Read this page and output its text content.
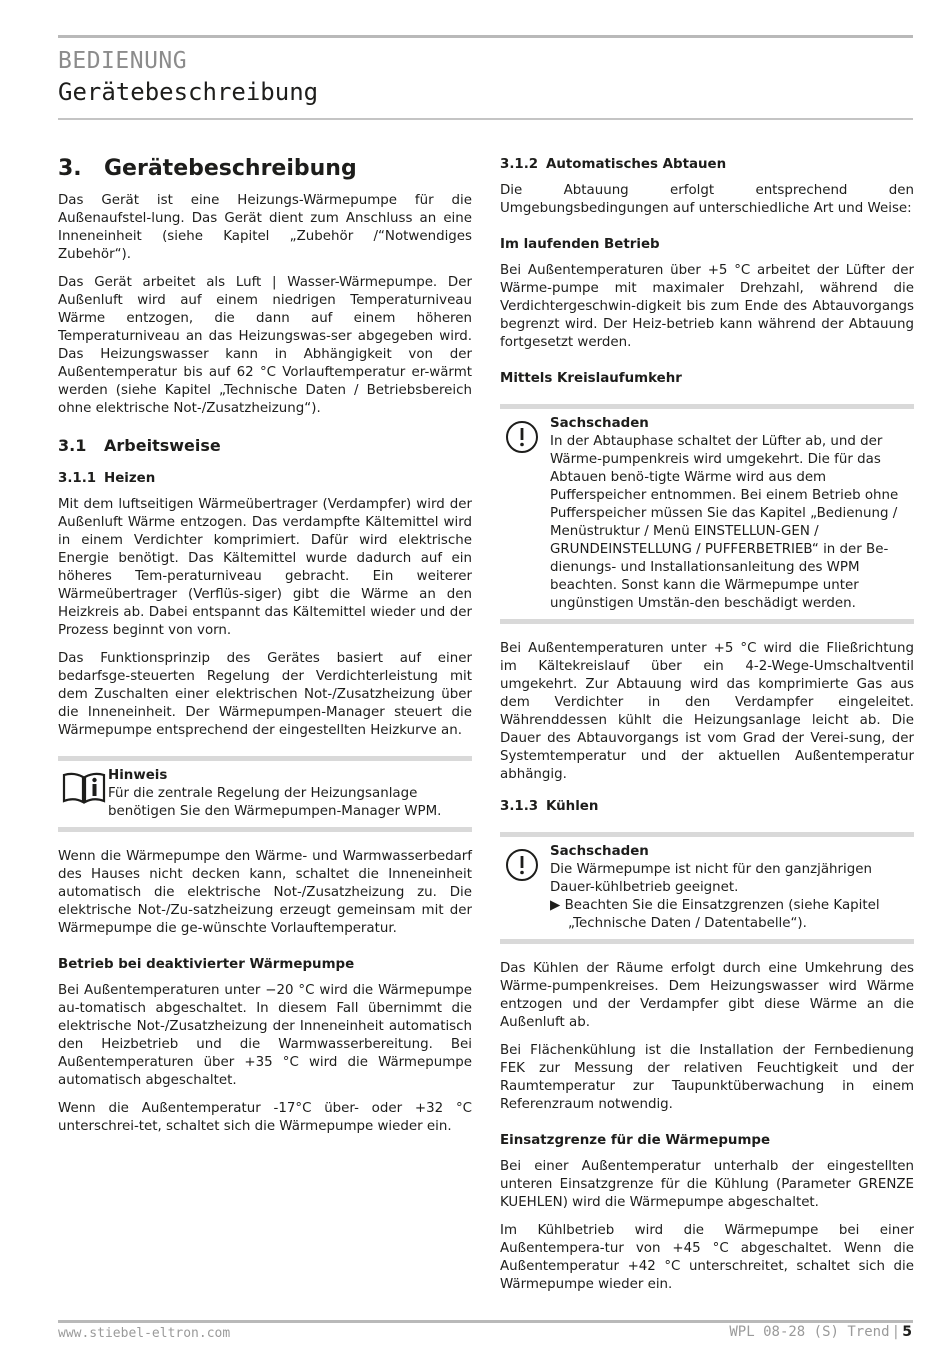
BEDIENUNG
Gerätebeschreibung
3. Gerätebeschreibung

Das Gerät ist eine Heizungs-Wärmepumpe für die Außenaufstel-lung. Das Gerät dient zum Anschluss an eine Inneneinheit (siehe Kapitel „Zubehör /“Notwendiges Zubehör“).

Das Gerät arbeitet als Luft | Wasser-Wärmepumpe. Der Außenluft wird auf einem niedrigen Temperaturniveau Wärme entzogen, die dann auf einem höheren Temperaturniveau an das Heizungswas-ser abgegeben wird. Das Heizungswasser kann in Abhängigkeit von der Außentemperatur bis auf 62 °C Vorlauftemperatur er-wärmt werden (siehe Kapitel „Technische Daten / Betriebsbereich ohne elektrische Not-/Zusatzheizung“).

3.1 Arbeitsweise
3.1.1 Heizen

Mit dem luftseitigen Wärmeübertrager (Verdampfer) wird der Außenluft Wärme entzogen. Das verdampfte Kältemittel wird in einem Verdichter komprimiert. Dafür wird elektrische Energie benötigt. Das Kältemittel wurde dadurch auf ein höheres Tem-peraturniveau gebracht. Ein weiterer Wärmeübertrager (Verflüs-siger) gibt die Wärme an den Heizkreis ab. Dabei entspannt das Kältemittel wieder und der Prozess beginnt von vorn.

Das Funktionsprinzip des Gerätes basiert auf einer bedarfsge-steuerten Regelung der Verdichterleistung mit dem Zuschalten einer elektrischen Not-/Zusatzheizung über die Inneneinheit. Der Wärmepumpen-Manager steuert die Wärmepumpe entsprechend der eingestellten Heizkurve an.

Hinweis
Für die zentrale Regelung der Heizungsanlage benötigen Sie den Wärmepumpen-Manager WPM.

Wenn die Wärmepumpe den Wärme- und Warmwasserbedarf des Hauses nicht decken kann, schaltet die Inneneinheit automatisch die elektrische Not-/Zusatzheizung zu. Die elektrische Not-/Zu-satzheizung erzeugt gemeinsam mit der Wärmepumpe die ge-wünschte Vorlauftemperatur.

Betrieb bei deaktivierter Wärmepumpe

Bei Außentemperaturen unter −20 °C wird die Wärmepumpe au-tomatisch abgeschaltet. In diesem Fall übernimmt die elektrische Not-/Zusatzheizung der Inneneinheit automatisch den Heizbetrieb und die Warmwasserbereitung. Bei Außentemperaturen über +35 °C wird die Wärmepumpe automatisch abgeschaltet.

Wenn die Außentemperatur -17°C über- oder +32 °C unterschrei-tet, schaltet sich die Wärmepumpe wieder ein.

3.1.2 Automatisches Abtauen

Die Abtauung erfolgt entsprechend den Umgebungsbedingungen auf unterschiedliche Art und Weise:

Im laufenden Betrieb

Bei Außentemperaturen über +5 °C arbeitet der Lüfter der Wärme-pumpe mit maximaler Drehzahl, während die Verdichtergeschwin-digkeit bis zum Ende des Abtauvorgangs begrenzt wird. Der Heiz-betrieb kann während der Abtauung fortgesetzt werden.

Mittels Kreislaufumkehr
Sachschaden
In der Abtauphase schaltet der Lüfter ab, und der Wärme-pumpenkreis wird umgekehrt. Die für das Abtauen benö-tigte Wärme wird aus dem Pufferspeicher entnommen. Bei einem Betrieb ohne Pufferspeicher müssen Sie das Kapitel „Bedienung / Menüstruktur / Menü EINSTELLUN-GEN / GRUNDEINSTELLUNG / PUFFERBETRIEB“ in der Be-dienungs- und Installationsanleitung des WPM beachten. Sonst kann die Wärmepumpe unter ungünstigen Umstän-den beschädigt werden.

Bei Außentemperaturen unter +5 °C wird die Fließrichtung im Kältekreislauf über ein 4-2-Wege-Umschaltventil umgekehrt. Zur Abtauung wird das komprimierte Gas aus dem Verdichter in den Verdampfer eingeleitet. Währenddessen kühlt die Heizungsanlage leicht ab. Die Dauer des Abtauvorgangs ist vom Grad der Verei-sung, der Systemtemperatur und der aktuellen Außentemperatur abhängig.

3.1.3 Kühlen
Sachschaden
Die Wärmepumpe ist nicht für den ganzjährigen Dauer-kühlbetrieb geeignet.
▶ Beachten Sie die Einsatzgrenzen (siehe Kapitel „Technische Daten / Datentabelle“).

Das Kühlen der Räume erfolgt durch eine Umkehrung des Wärme-pumpenkreises. Dem Heizungswasser wird Wärme entzogen und der Verdampfer gibt diese Wärme an die Außenluft ab.

Bei Flächenkühlung ist die Installation der Fernbedienung FEK zur Messung der relativen Feuchtigkeit und der Raumtemperatur zur Taupunktüberwachung in einem Referenzraum notwendig.

Einsatzgrenze für die Wärmepumpe

Bei einer Außentemperatur unterhalb der eingestellten unteren Einsatzgrenze für die Kühlung (Parameter GRENZE KUEHLEN) wird die Wärmepumpe abgeschaltet.

Im Kühlbetrieb wird die Wärmepumpe bei einer Außentempera-tur von +45 °C abgeschaltet. Wenn die Außentemperatur +42 °C unterschreitet, schaltet sich die Wärmepumpe wieder ein.

www.stiebel-eltron.com	WPL 08-28 (S) Trend | 5
